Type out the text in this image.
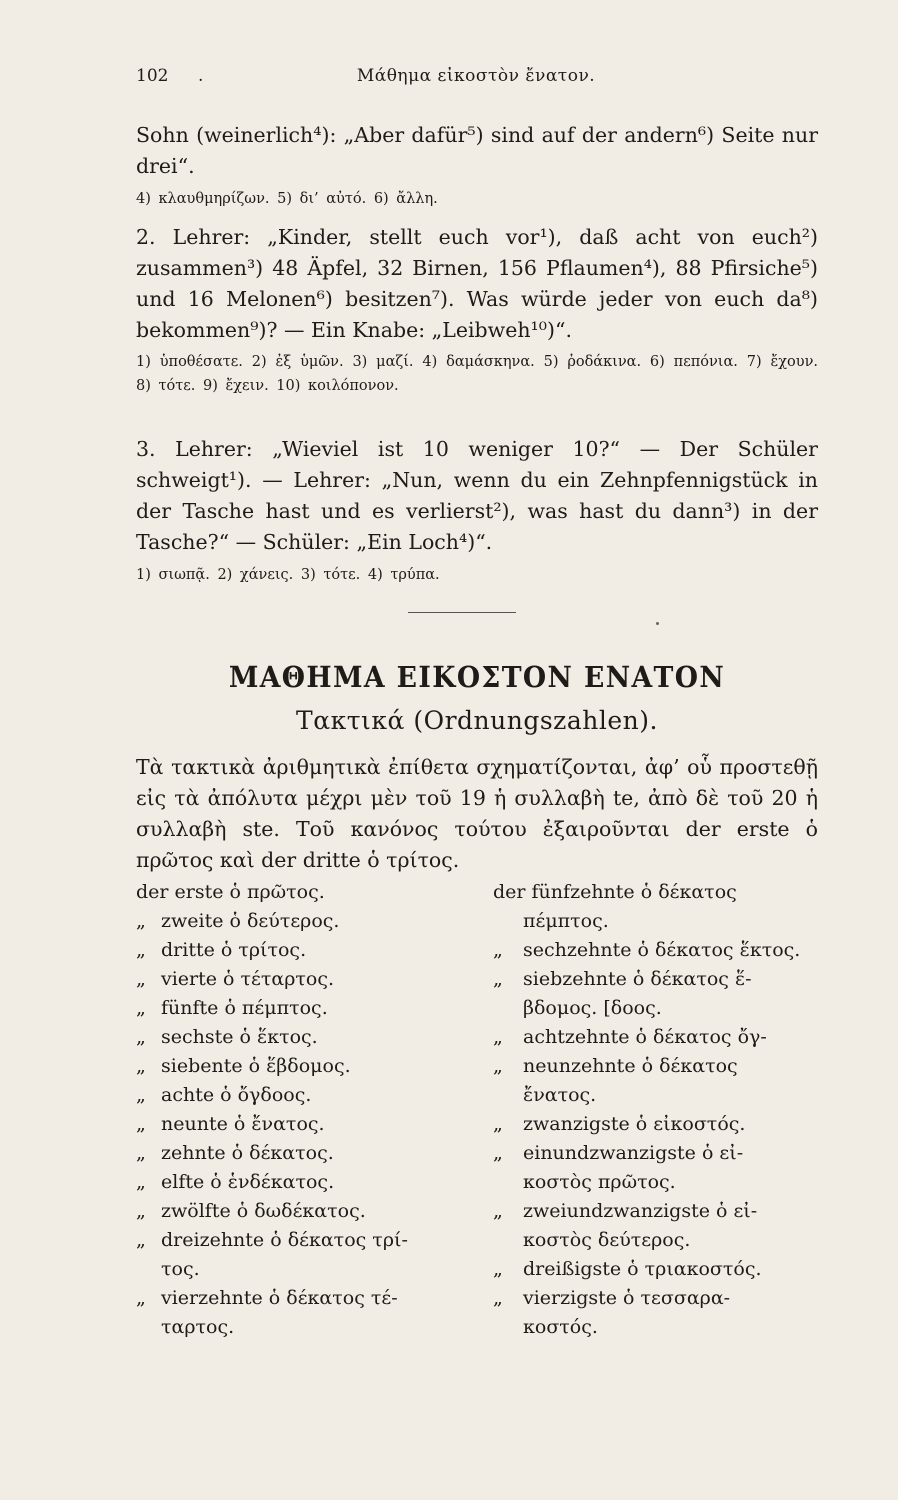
102 .	Μάθημα εἰκοστὸν ἔνατον.

Sohn (weinerlich⁴): „Aber dafür⁵) sind auf der andern⁶) Seite nur drei“.

4) κλαυθμηρίζων. 5) δι’ αὐτό. 6) ἄλλη.

2. Lehrer: „Kinder, stellt euch vor¹), daß acht von euch²) zusammen³) 48 Äpfel, 32 Birnen, 156 Pflaumen⁴), 88 Pfirsiche⁵) und 16 Melonen⁶) besitzen⁷). Was würde jeder von euch da⁸) bekommen⁹)? — Ein Knabe: „Leibweh¹⁰)“.

1) ὑποθέσατε. 2) ἐξ ὑμῶν. 3) μαζί. 4) δαμάσκηνα. 5) ῥοδάκινα. 6) πεπόνια. 7) ἔχουν. 8) τότε. 9) ἔχειν. 10) κοιλόπονον.

3. Lehrer: „Wieviel ist 10 weniger 10?“ — Der Schüler schweigt¹). — Lehrer: „Nun, wenn du ein Zehnpfennigstück in der Tasche hast und es verlierst²), was hast du dann³) in der Tasche?“ — Schüler: „Ein Loch⁴)“.

1) σιωπᾷ. 2) χάνεις. 3) τότε. 4) τρύπα.

ΜΑΘΗΜΑ ΕΙΚΟΣΤΟΝ ΕΝΑΤΟΝ
Τακτικά (Ordnungszahlen).

Τὰ τακτικὰ ἀριθμητικὰ ἐπίθετα σχηματίζονται, ἀφ’ οὗ προστεθῇ εἰς τὰ ἀπόλυτα μέχρι μὲν τοῦ 19 ἡ συλλαβὴ te, ἀπὸ δὲ τοῦ 20 ἡ συλλαβὴ ste. Τοῦ κανόνος τούτου ἐξαιροῦνται der erste ὁ πρῶτος καὶ der dritte ὁ τρίτος.

der erste ὁ πρῶτος.
„ zweite ὁ δεύτερος.
„ dritte ὁ τρίτος.
„ vierte ὁ τέταρτος.
„ fünfte ὁ πέμπτος.
„ sechste ὁ ἕκτος.
„ siebente ὁ ἕβδομος.
„ achte ὁ ὄγδοος.
„ neunte ὁ ἔνατος.
„ zehnte ὁ δέκατος.
„ elfte ὁ ἑνδέκατος.
„ zwölfte ὁ δωδέκατος.
„ dreizehnte ὁ δέκατος τρί-
τος.
„ vierzehnte ὁ δέκατος τέ-
ταρτος.
der fünfzehnte ὁ δέκατος
πέμπτος.
„ sechzehnte ὁ δέκατος ἕκτος.
„ siebzehnte ὁ δέκατος ἕ-
βδομος. [δοος.
„ achtzehnte ὁ δέκατος ὄγ-
„ neunzehnte ὁ δέκατος
ἔνατος.
„ zwanzigste ὁ εἰκοστός.
„ einundzwanzigste ὁ εἰ-
κοστὸς πρῶτος.
„ zweiundzwanzigste ὁ εἰ-
κοστὸς δεύτερος.
„ dreißigste ὁ τριακοστός.
„ vierzigste ὁ τεσσαρα-
κοστός.
